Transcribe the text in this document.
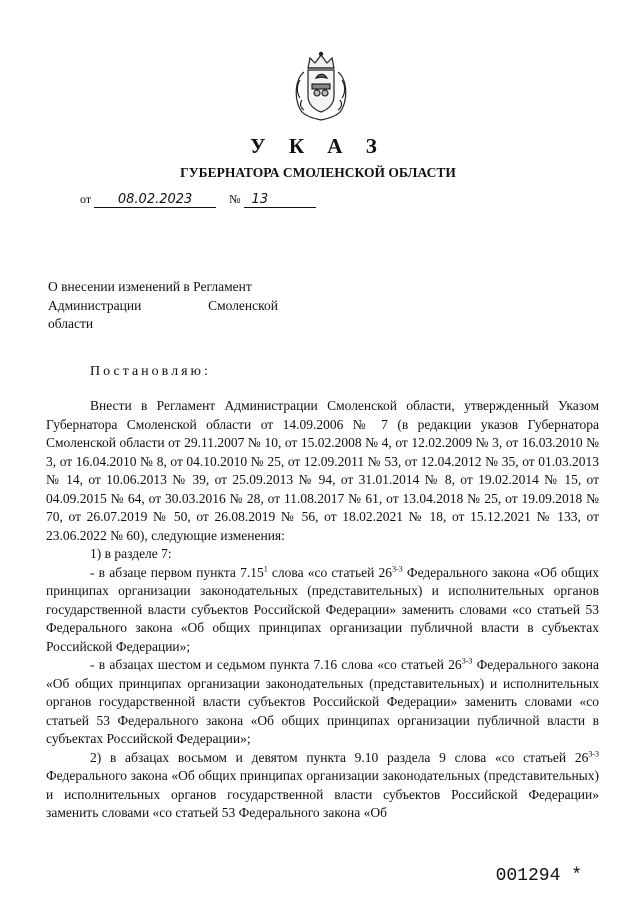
У К А З
ГУБЕРНАТОРА СМОЛЕНСКОЙ ОБЛАСТИ
от 08.02.2023	№ 13
О внесении изменений в Регламент
Администрации	Смоленской
области
Постановляю:

Внести в Регламент Администрации Смоленской области, утвержденный Указом Губернатора Смоленской области от 14.09.2006 № 7 (в редакции указов Губернатора Смоленской области от 29.11.2007 № 10, от 15.02.2008 № 4, от 12.02.2009 № 3, от 16.03.2010 № 3, от 16.04.2010 № 8, от 04.10.2010 № 25, от 12.09.2011 № 53, от 12.04.2012 № 35, от 01.03.2013 № 14, от 10.06.2013 № 39, от 25.09.2013 № 94, от 31.01.2014 № 8, от 19.02.2014 № 15, от 04.09.2015 № 64, от 30.03.2016 № 28, от 11.08.2017 № 61, от 13.04.2018 № 25, от 19.09.2018 № 70, от 26.07.2019 № 50, от 26.08.2019 № 56, от 18.02.2021 № 18, от 15.12.2021 № 133, от 23.06.2022 № 60), следующие изменения:

1) в разделе 7:

- в абзаце первом пункта 7.15$^1$ слова «со статьей 26$^{3-3}$ Федерального закона «Об общих принципах организации законодательных (представительных) и исполнительных органов государственной власти субъектов Российской Федерации» заменить словами «со статьей 53 Федерального закона «Об общих принципах организации публичной власти в субъектах Российской Федерации»;

- в абзацах шестом и седьмом пункта 7.16 слова «со статьей 26$^{3-3}$ Федерального закона «Об общих принципах организации законодательных (представительных) и исполнительных органов государственной власти субъектов Российской Федерации» заменить словами «со статьей 53 Федерального закона «Об общих принципах организации публичной власти в субъектах Российской Федерации»;

2) в абзацах восьмом и девятом пункта 9.10 раздела 9 слова «со статьей 26$^{3-3}$ Федерального закона «Об общих принципах организации законодательных (представительных) и исполнительных органов государственной власти субъектов Российской Федерации» заменить словами «со статьей 53 Федерального закона «Об

001294 *
